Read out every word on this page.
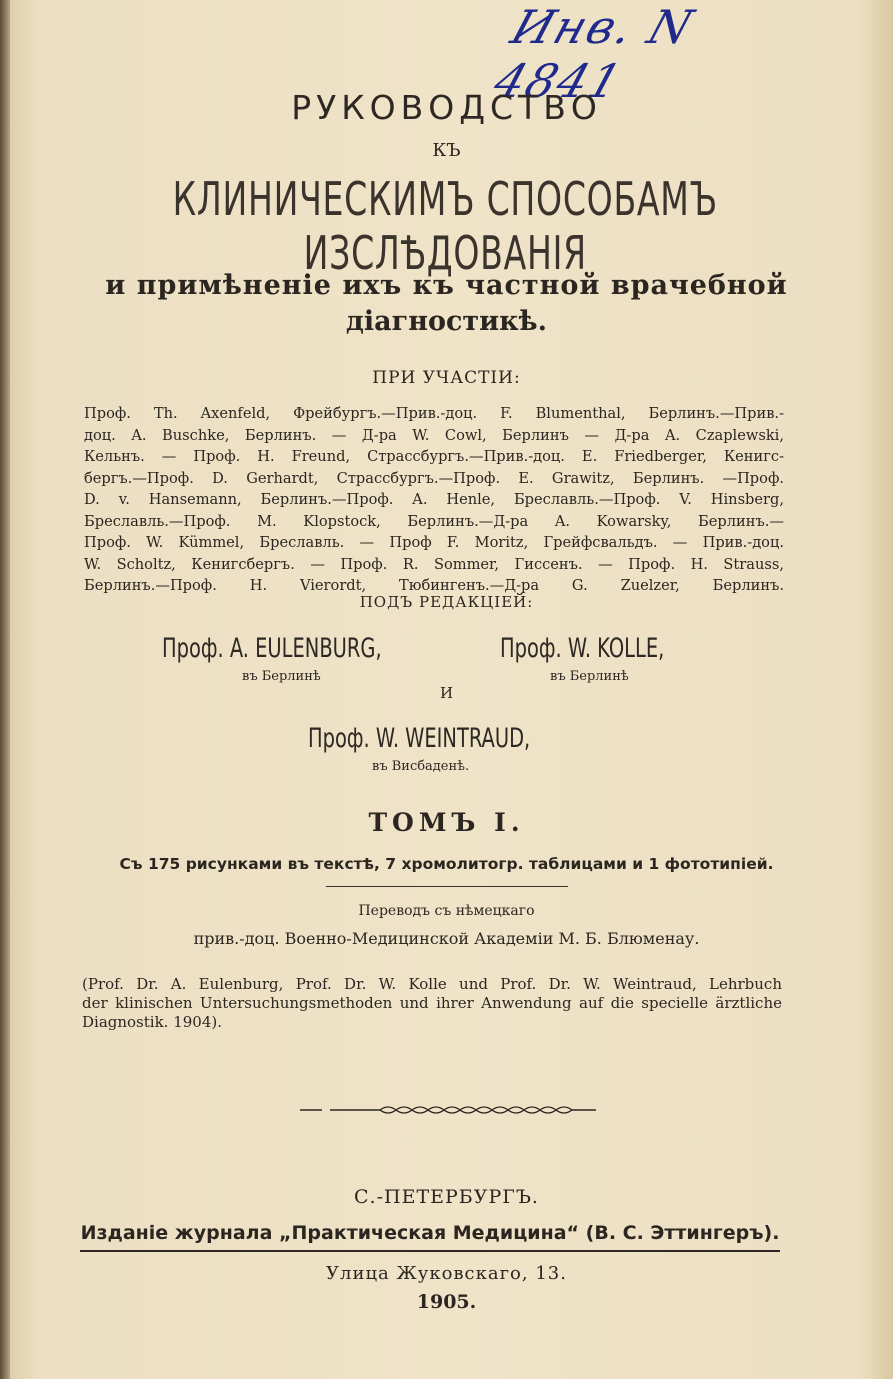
Инв. N 4841
РУКОВОДСТВО
КЪ
КЛИНИЧЕСКИМЪ СПОСОБАМЪ ИЗСЛѢДОВАНІЯ
и примѣненіе ихъ къ частной врачебной
діагностикѣ.
ПРИ УЧАСТІИ:
Проф. Th. Axenfeld, Фрейбургъ.—Прив.-доц. F. Blumenthal, Берлинъ.—Прив.-
доц. A. Buschke, Берлинъ. — Д-ра W. Cowl, Берлинъ — Д-ра A. Czaplewski,
Кельнъ. — Проф. H. Freund, Страссбургъ.—Прив.-доц. E. Friedberger, Кенигс-
бергъ.—Проф. D. Gerhardt, Страссбургъ.—Проф. E. Grawitz, Берлинъ. —Проф.
D. v. Hansemann, Берлинъ.—Проф. A. Henle, Бреславль.—Проф. V. Hinsberg,
Бреславль.—Проф. M. Klopstock, Берлинъ.—Д-ра A. Kowarsky, Берлинъ.—
Проф. W. Kümmel, Бреславль. — Проф F. Moritz, Грейфсвальдъ. — Прив.-доц.
W. Scholtz, Кенигсбергъ. — Проф. R. Sommer, Гиссенъ. — Проф. H. Strauss,
Берлинъ.—Проф. H. Vierordt, Тюбингенъ.—Д-ра G. Zuelzer, Берлинъ.
ПОДЪ РЕДАКЦІЕЙ:
Проф. A. EULENBURG,
въ Берлинѣ
Проф. W. KOLLE,
въ Берлинѣ
И
Проф. W. WEINTRAUD,
въ Висбаденѣ.
ТОМЪ I.
Съ 175 рисунками въ текстѣ, 7 хромолитогр. таблицами и 1 фототипіей.
Переводъ съ нѣмецкаго
прив.-доц. Военно-Медицинской Академіи М. Б. Блюменау.
(Prof. Dr. A. Eulenburg, Prof. Dr. W. Kolle und Prof. Dr. W. Weintraud, Lehrbuch
der klinischen Untersuchungsmethoden und ihrer Anwendung auf die specielle ärztliche
Diagnostik. 1904).
С.-ПЕТЕРБУРГЪ.
Изданіе журнала „Практическая Медицина“ (В. С. Эттингеръ).
Улица Жуковскаго, 13.
1905.
